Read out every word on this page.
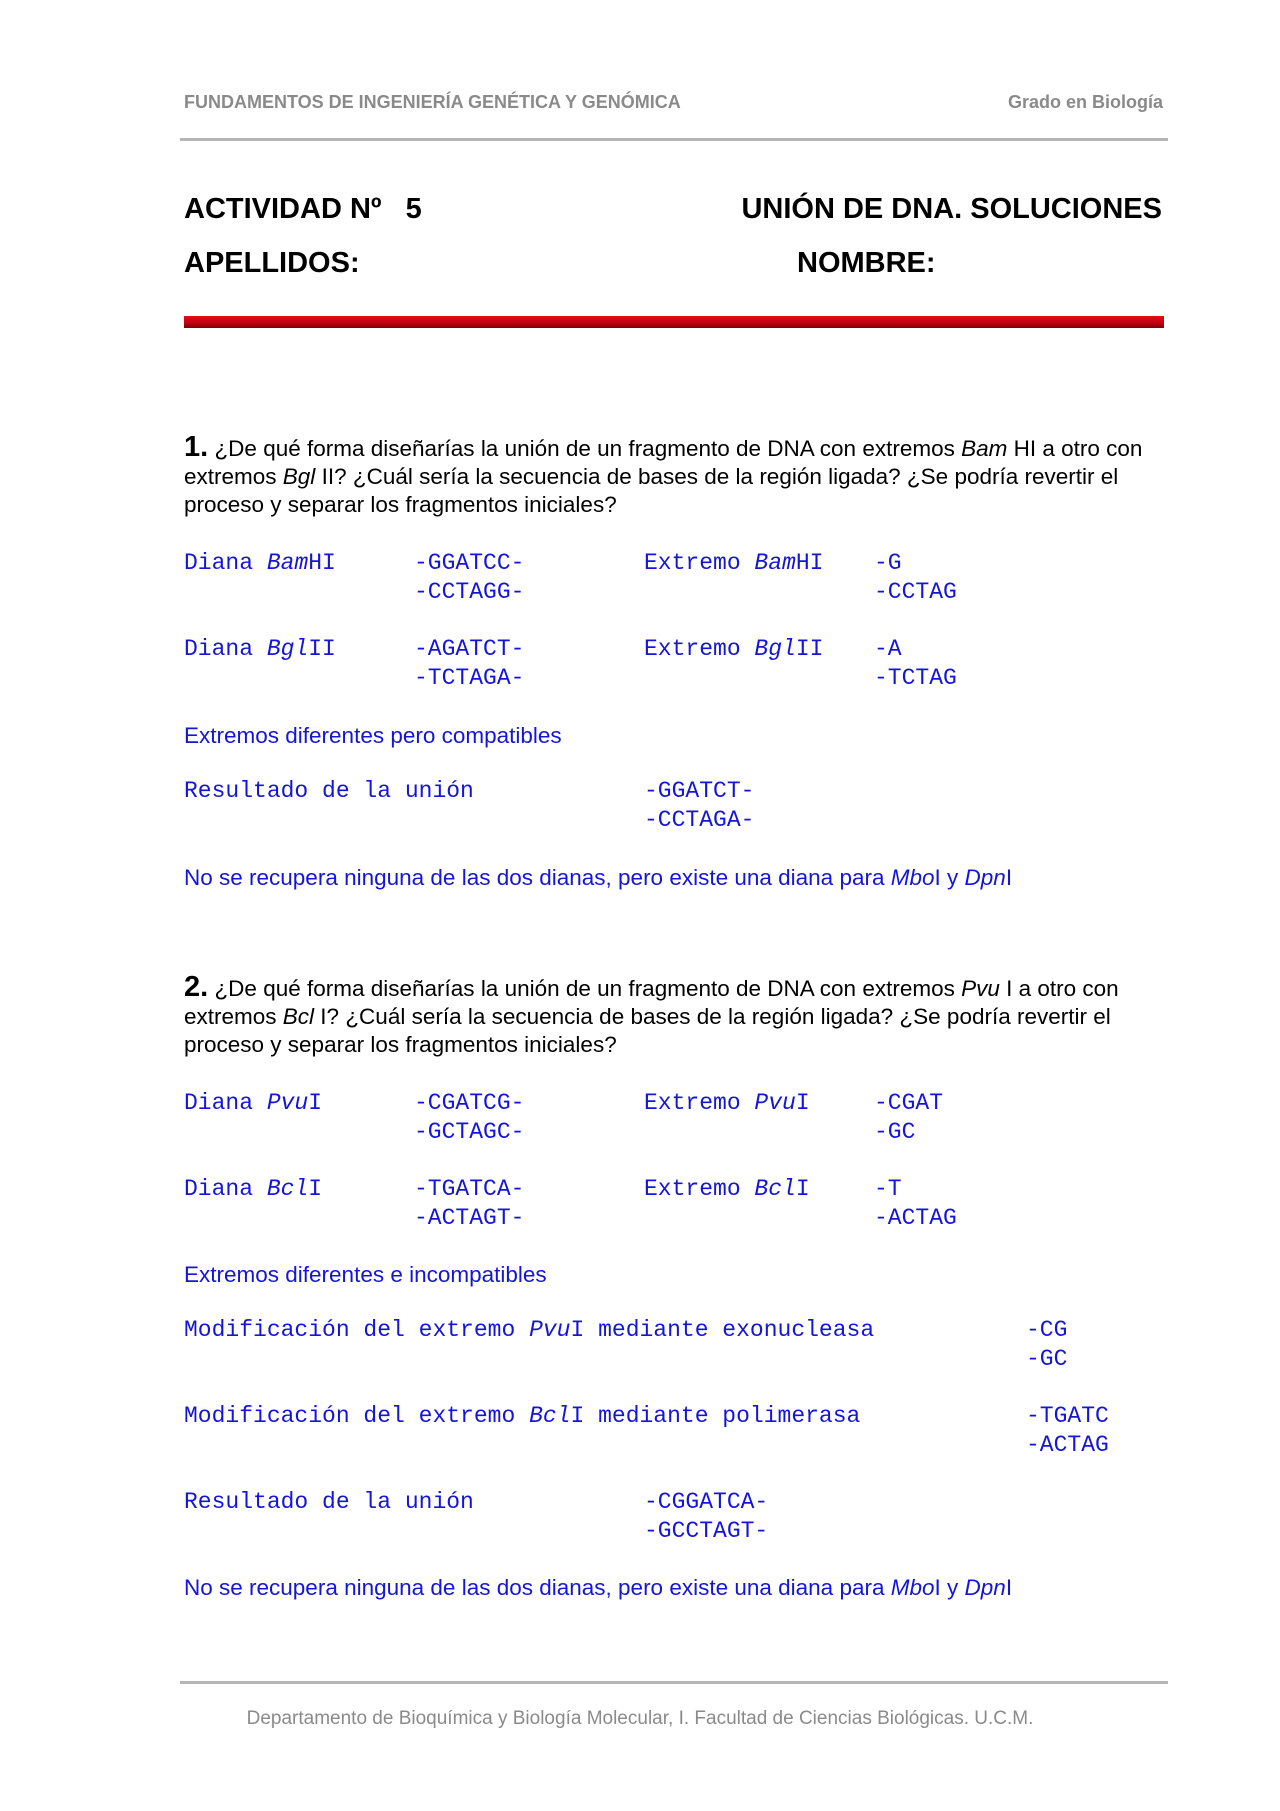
FUNDAMENTOS DE INGENIERÍA GENÉTICA Y GENÓMICA	Grado en Biología
ACTIVIDAD Nº 5	UNIÓN DE DNA. SOLUCIONES
APELLIDOS:	NOMBRE:
1. ¿De qué forma diseñarías la unión de un fragmento de DNA con extremos Bam HI a otro con extremos Bgl II? ¿Cuál sería la secuencia de bases de la región ligada? ¿Se podría revertir el proceso y separar los fragmentos iniciales?
Diana BamHI	-GGATCC-
-CCTAGG-
Extremo BamHI -G
-CCTAG
Diana BglII	-AGATCT-
-TCTAGA-
Extremo BglII -A
-TCTAG
Extremos diferentes pero compatibles
Resultado de la unión	-GGATCT-
-CCTAGA-
No se recupera ninguna de las dos dianas, pero existe una diana para MboI y DpnI
2. ¿De qué forma diseñarías la unión de un fragmento de DNA con extremos Pvu I a otro con extremos Bcl I? ¿Cuál sería la secuencia de bases de la región ligada? ¿Se podría revertir el proceso y separar los fragmentos iniciales?
Diana PvuI	-CGATCG-
-GCTAGC-
Extremo PvuI	-CGAT
-GC
Diana BclI	-TGATCA-
-ACTAGT-
Extremo BclI	-T
-ACTAG
Extremos diferentes e incompatibles
Modificación del extremo PvuI mediante exonucleasa	-CG
-GC
Modificación del extremo BclI mediante polimerasa	-TGATC
-ACTAG
Resultado de la unión	-CGGATCA-
-GCCTAGT-
No se recupera ninguna de las dos dianas, pero existe una diana para MboI y DpnI
Departamento de Bioquímica y Biología Molecular, I. Facultad de Ciencias Biológicas. U.C.M.
